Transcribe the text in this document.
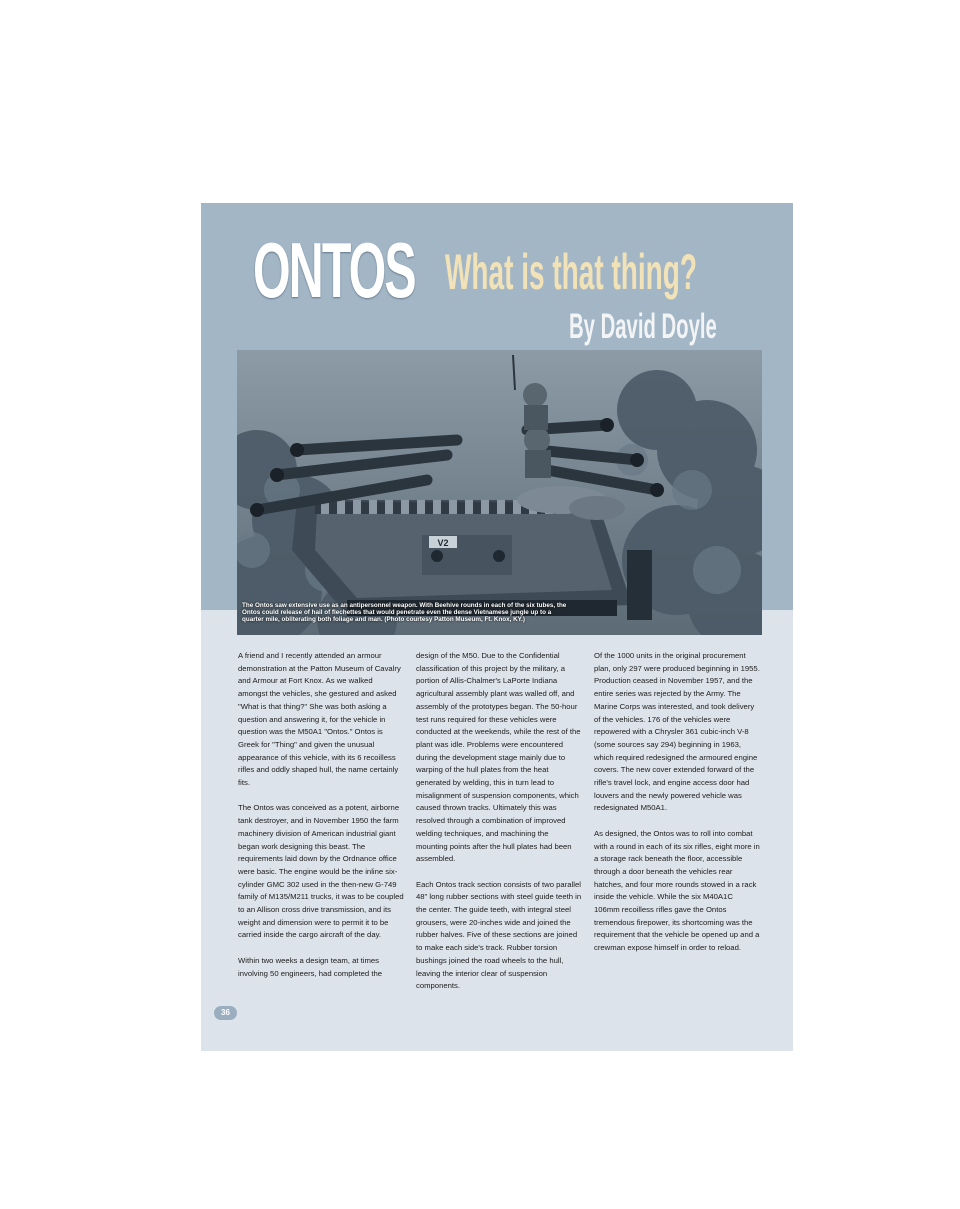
V2
The Ontos saw extensive use as an antipersonnel weapon. With Beehive rounds in each of the six tubes, the Ontos could release of hail of flechettes that would penetrate even the dense Vietnamese jungle up to a quarter mile, obliterating both foliage and man. (Photo courtesy Patton Museum, Ft. Knox, KY.)
ONTOS What is that thing?
By David Doyle

A friend and I recently attended an armour demonstration at the Patton Museum of Cavalry and Armour at Fort Knox. As we walked amongst the vehicles, she gestured and asked "What is that thing?" She was both asking a question and answering it, for the vehicle in question was the M50A1 "Ontos." Ontos is Greek for "Thing" and given the unusual appearance of this vehicle, with its 6 recoilless rifles and oddly shaped hull, the name certainly fits.

The Ontos was conceived as a potent, airborne tank destroyer, and in November 1950 the farm machinery division of American industrial giant began work designing this beast. The requirements laid down by the Ordnance office were basic. The engine would be the inline six-cylinder GMC 302 used in the then-new G-749 family of M135/M211 trucks, it was to be coupled to an Allison cross drive transmission, and its weight and dimension were to permit it to be carried inside the cargo aircraft of the day.

Within two weeks a design team, at times involving 50 engineers, had completed the

design of the M50. Due to the Confidential classification of this project by the military, a portion of Allis-Chalmer's LaPorte Indiana agricultural assembly plant was walled off, and assembly of the prototypes began. The 50-hour test runs required for these vehicles were conducted at the weekends, while the rest of the plant was idle. Problems were encountered during the development stage mainly due to warping of the hull plates from the heat generated by welding, this in turn lead to misalignment of suspension components, which caused thrown tracks. Ultimately this was resolved through a combination of improved welding techniques, and machining the mounting points after the hull plates had been assembled.

Each Ontos track section consists of two parallel 48" long rubber sections with steel guide teeth in the center. The guide teeth, with integral steel grousers, were 20-inches wide and joined the rubber halves. Five of these sections are joined to make each side's track. Rubber torsion bushings joined the road wheels to the hull, leaving the interior clear of suspension components.

Of the 1000 units in the original procurement plan, only 297 were produced beginning in 1955. Production ceased in November 1957, and the entire series was rejected by the Army. The Marine Corps was interested, and took delivery of the vehicles. 176 of the vehicles were repowered with a Chrysler 361 cubic-inch V-8 (some sources say 294) beginning in 1963, which required redesigned the armoured engine covers. The new cover extended forward of the rifle's travel lock, and engine access door had louvers and the newly powered vehicle was redesignated M50A1.

As designed, the Ontos was to roll into combat with a round in each of its six rifles, eight more in a storage rack beneath the floor, accessible through a door beneath the vehicles rear hatches, and four more rounds stowed in a rack inside the vehicle. While the six M40A1C 106mm recoilless rifles gave the Ontos tremendous firepower, its shortcoming was the requirement that the vehicle be opened up and a crewman expose himself in order to reload.

36
